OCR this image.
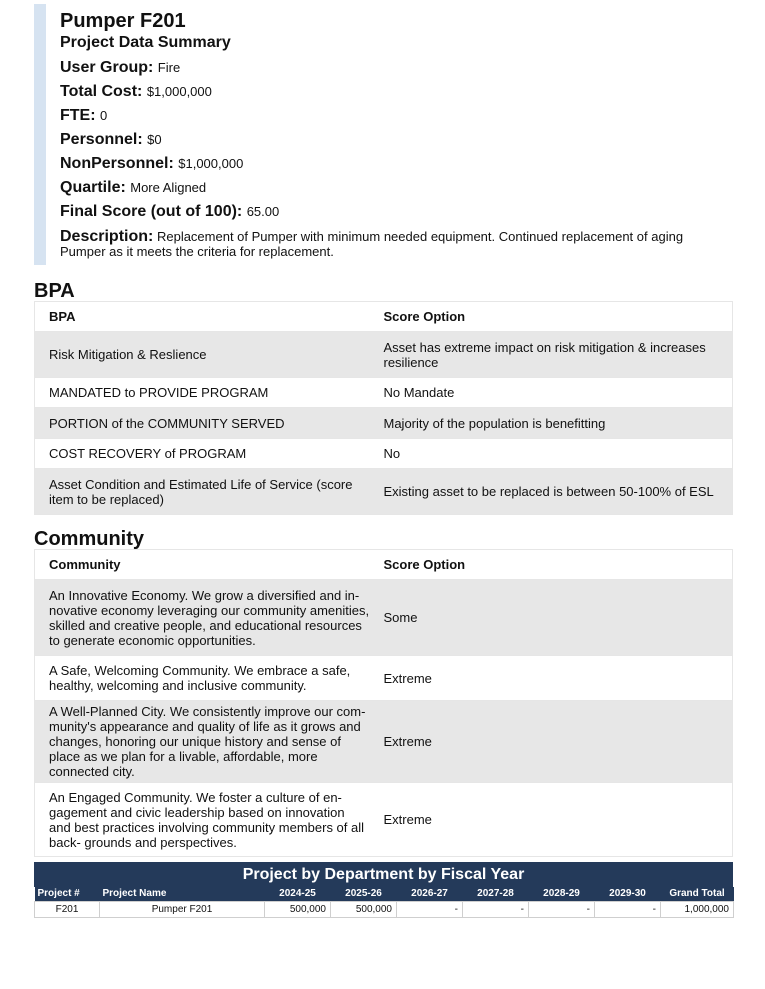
Pumper F201
Project Data Summary
User Group: Fire
Total Cost: $1,000,000
FTE: 0
Personnel: $0
NonPersonnel: $1,000,000
Quartile: More Aligned
Final Score (out of 100): 65.00
Description: Replacement of Pumper with minimum needed equipment. Continued replacement of aging Pumper as it meets the criteria for replacement.
BPA
BPA	Score Option
Risk Mitigation & Reslience	Asset has extreme impact on risk mitigation & increases resilience
MANDATED to PROVIDE PROGRAM	No Mandate
PORTION of the COMMUNITY SERVED	Majority of the population is benefitting
COST RECOVERY of PROGRAM	No
Asset Condition and Estimated Life of Service (score item to be replaced)	Existing asset to be replaced is between 50-100% of ESL
Community
Community	Score Option
An Innovative Economy. We grow a diversified and in- novative economy leveraging our community amenities, skilled and creative people, and educational resources to generate economic opportunities.	Some
A Safe, Welcoming Community. We embrace a safe, healthy, welcoming and inclusive community.	Extreme
A Well-Planned City. We consistently improve our com- munity's appearance and quality of life as it grows and changes, honoring our unique history and sense of place as we plan for a livable, affordable, more connected city.	Extreme
An Engaged Community. We foster a culture of en- gagement and civic leadership based on innovation and best practices involving community members of all back- grounds and perspectives.	Extreme
Project by Department by Fiscal Year
Project #	Project Name	2024-25	2025-26	2026-27	2027-28	2028-29	2029-30	Grand Total
F201	Pumper F201	500,000	500,000	-	-	-	-	1,000,000
